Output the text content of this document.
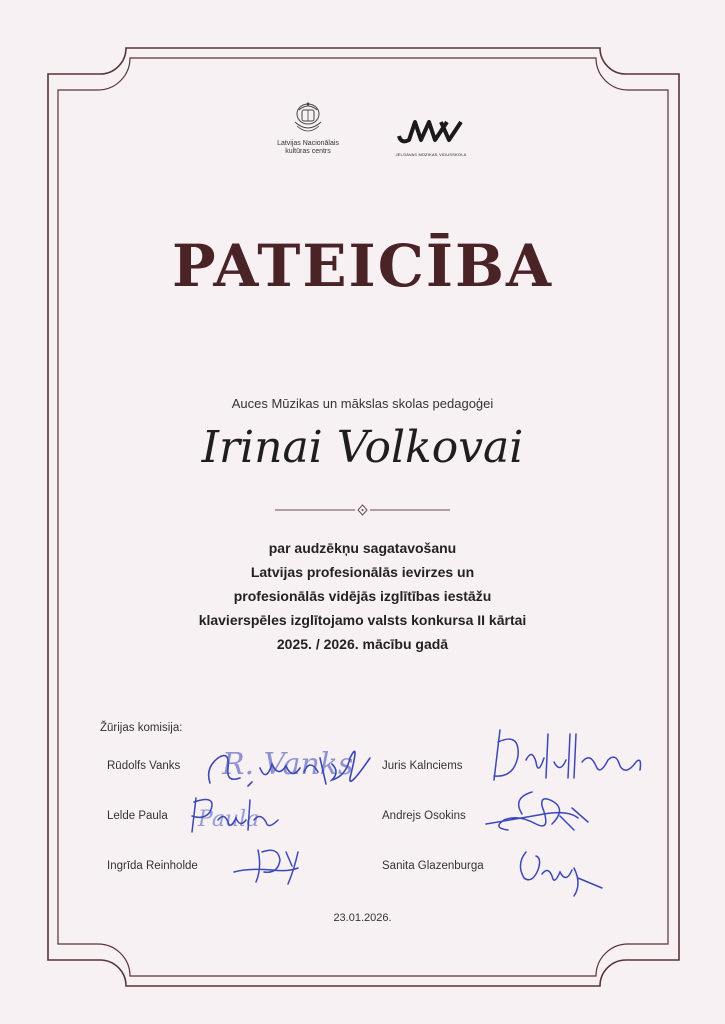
Latvijas Nacionālais
kultūras centrs	JELGAVAS MŪZIKAS VIDUSSKOLA
PATEICĪBA
Auces Mūzikas un mākslas skolas pedagoģei
Irinai Volkovai
par audzēkņu sagatavošanu
Latvijas profesionālās ievirzes un
profesionālās vidējās izglītības iestāžu
klavierspēles izglītojamo valsts konkursa II kārtai
2025. / 2026. mācību gadā
Žūrijas komisija:
Rūdolfs Vanks	Juris Kalnciems
Lelde Paula	Andrejs Osokins
Ingrīda Reinholde	Sanita Glazenburga
R. Vanks
Paula
23.01.2026.
